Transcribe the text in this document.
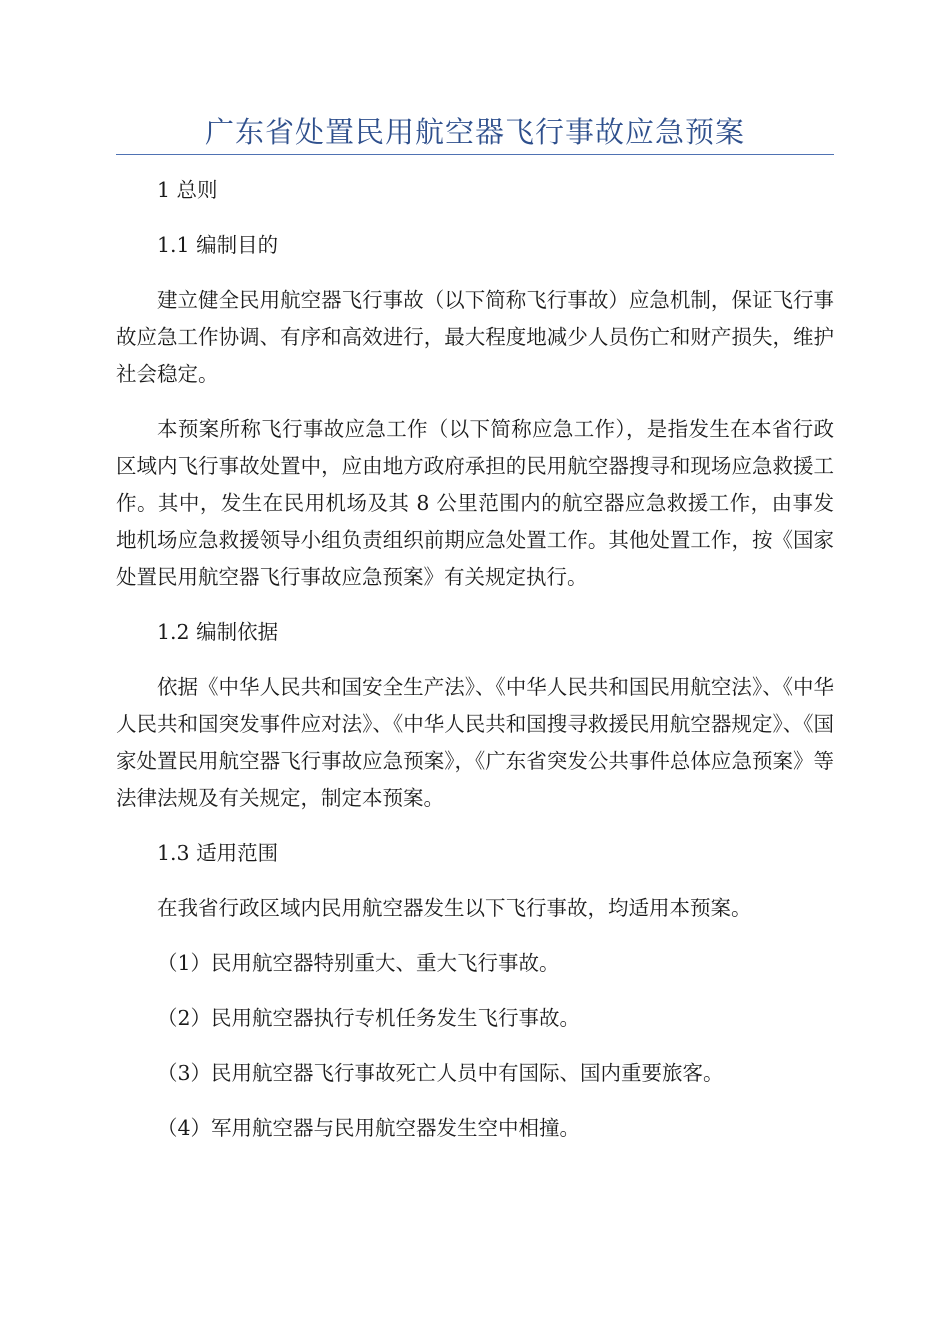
广东省处置民用航空器飞行事故应急预案

1 总则

1.1 编制目的

建立健全民用航空器飞行事故（以下简称飞行事故）应急机制，保证飞行事故应急工作协调、有序和高效进行，最大程度地减少人员伤亡和财产损失，维护社会稳定。

本预案所称飞行事故应急工作（以下简称应急工作），是指发生在本省行政区域内飞行事故处置中，应由地方政府承担的民用航空器搜寻和现场应急救援工作。其中，发生在民用机场及其 8 公里范围内的航空器应急救援工作，由事发地机场应急救援领导小组负责组织前期应急处置工作。其他处置工作，按《国家处置民用航空器飞行事故应急预案》有关规定执行。

1.2 编制依据

依据《中华人民共和国安全生产法》、《中华人民共和国民用航空法》、《中华人民共和国突发事件应对法》、《中华人民共和国搜寻救援民用航空器规定》、《国家处置民用航空器飞行事故应急预案》，《广东省突发公共事件总体应急预案》等法律法规及有关规定，制定本预案。

1.3 适用范围

在我省行政区域内民用航空器发生以下飞行事故，均适用本预案。

（1）民用航空器特别重大、重大飞行事故。

（2）民用航空器执行专机任务发生飞行事故。

（3）民用航空器飞行事故死亡人员中有国际、国内重要旅客。

（4）军用航空器与民用航空器发生空中相撞。
